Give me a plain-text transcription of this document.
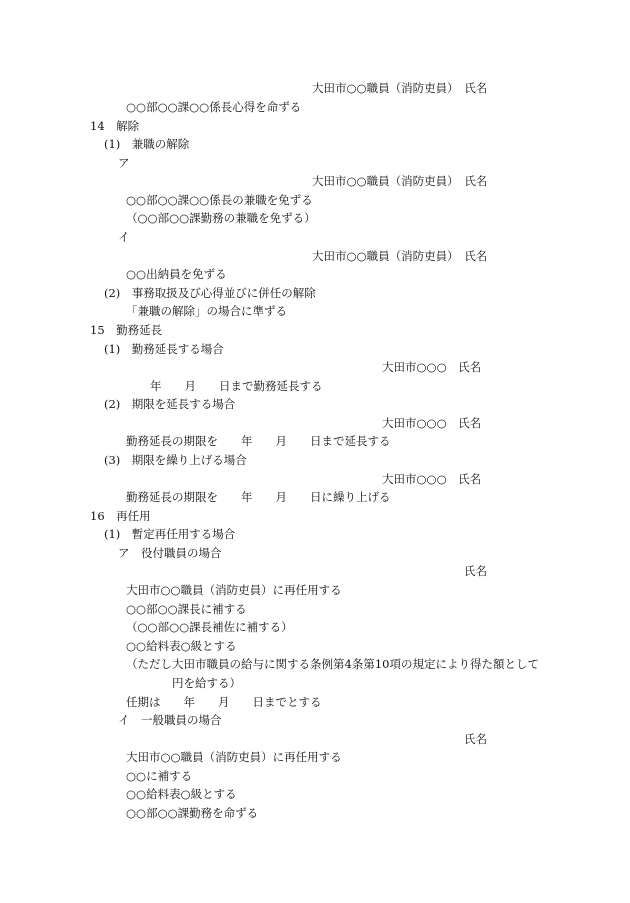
大田市○○職員（消防吏員）　氏名
○○部○○課○○係長心得を命ずる
14　解除
(1)　兼職の解除
ア
大田市○○職員（消防吏員）　氏名
○○部○○課○○係長の兼職を免ずる
（○○部○○課勤務の兼職を免ずる）
イ
大田市○○職員（消防吏員）　氏名
○○出納員を免ずる
(2)　事務取扱及び心得並びに併任の解除
「兼職の解除」の場合に準ずる
15　勤務延長
(1)　勤務延長する場合
大田市○○○　氏名
年　　月　　日まで勤務延長する
(2)　期限を延長する場合
大田市○○○　氏名
勤務延長の期限を　　年　　月　　日まで延長する
(3)　期限を繰り上げる場合
大田市○○○　氏名
勤務延長の期限を　　年　　月　　日に繰り上げる
16　再任用
(1)　暫定再任用する場合
ア　役付職員の場合
氏名
大田市○○職員（消防吏員）に再任用する
○○部○○課長に補する
（○○部○○課長補佐に補する）
○○給料表○級とする
（ただし大田市職員の給与に関する条例第4条第10項の規定により得た額として
円を給する）
任期は　　年　　月　　日までとする
イ　一般職員の場合
氏名
大田市○○職員（消防吏員）に再任用する
○○に補する
○○給料表○級とする
○○部○○課勤務を命ずる
